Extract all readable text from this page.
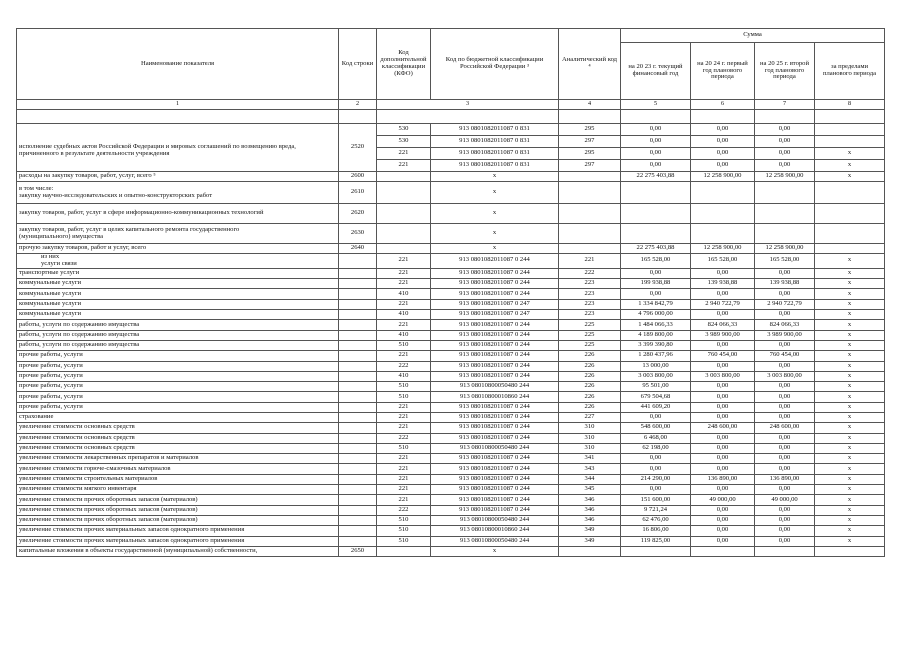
Наименование показателя	Код строки	Код дополнительной классификации (КФО)	Код по бюджетной классификации Российской Федерации ³	Аналитический код ⁴	Сумма			
					на 20 23 г. текущий финансовый год	на 20 24 г. первый год планового периода	на 20 25 г. второй год планового периода	за пределами планового периода
1	2	3		4	5	6	7	8

исполнение судебных актов Российской Федерации и мировых соглашений по возмещению вреда, причиненного в результате деятельности учреждения	2520	530	913 0801082011087 0 831	295	0,00	0,00	0,00	
		530	913 0801082011087 0 831	297	0,00	0,00	0,00	
		221	913 0801082011087 0 831	295	0,00	0,00	0,00	х
		221	913 0801082011087 0 831	297	0,00	0,00	0,00	х
расходы на закупку товаров, работ, услуг, всего ⁵	2600		х		22 275 403,88	12 258 900,00	12 258 900,00	х

в том числе:
закупку научно-исследовательских и опытно-конструкторских работ	2610		х					
закупку товаров, работ, услуг в сфере информационно-коммуникационных технологий	2620		х					

закупку товаров, работ, услуг в целях капитального ремонта государственного
(муниципального) имущества	2630		х					
прочую закупку товаров, работ и услуг, всего	2640		х		22 275 403,88	12 258 900,00	12 258 900,00	

из них
услуги связи		221	913 0801082011087 0 244	221	165 528,00	165 528,00	165 528,00	х
транспортные услуги		221	913 0801082011087 0 244	222	0,00	0,00	0,00	х
коммунальные услуги		221	913 0801082011087 0 244	223	199 938,88	139 938,88	139 938,88	х
коммунальные услуги		410	913 0801082011087 0 244	223	0,00	0,00	0,00	х
коммунальные услуги		221	913 0801082011087 0 247	223	1 334 842,79	2 940 722,79	2 940 722,79	х
коммунальные услуги		410	913 0801082011087 0 247	223	4 796 000,00	0,00	0,00	х
работы, услуги по содержанию имущества		221	913 0801082011087 0 244	225	1 484 066,33	824 066,33	824 066,33	х
работы, услуги по содержанию имущества		410	913 0801082011087 0 244	225	4 189 800,00	3 989 900,00	3 989 900,00	х
работы, услуги по содержанию имущества		510	913 0801082011087 0 244	225	3 399 390,80	0,00	0,00	х
прочие работы, услуги		221	913 0801082011087 0 244	226	1 280 437,96	760 454,00	760 454,00	х
прочие работы, услуги		222	913 0801082011087 0 244	226	13 000,00	0,00	0,00	х
прочие работы, услуги		410	913 0801082011087 0 244	226	3 003 800,00	3 003 800,00	3 003 800,00	х
прочие работы, услуги		510	913 08010800050480 244	226	95 501,00	0,00	0,00	х
прочие работы, услуги		510	913 08010800010860 244	226	679 504,68	0,00	0,00	х
прочие работы, услуги		221	913 0801082011087 0 244	226	441 609,20	0,00	0,00	х
страхование		221	913 0801082011087 0 244	227	0,00	0,00	0,00	х
увеличение стоимости основных средств		221	913 0801082011087 0 244	310	548 600,00	248 600,00	248 600,00	х
увеличение стоимости основных средств		222	913 0801082011087 0 244	310	6 468,00	0,00	0,00	х
увеличение стоимости основных средств		510	913 08010800050480 244	310	62 198,00	0,00	0,00	х
увеличение стоимости лекарственных препаратов и материалов		221	913 0801082011087 0 244	341	0,00	0,00	0,00	х
увеличение стоимости горюче-смазочных материалов		221	913 0801082011087 0 244	343	0,00	0,00	0,00	х
увеличение стоимости строительных материалов		221	913 0801082011087 0 244	344	214 290,00	136 890,00	136 890,00	х
увеличение стоимости мягкого инвентаря		221	913 0801082011087 0 244	345	0,00	0,00	0,00	х
увеличение стоимости прочих оборотных запасов (материалов)		221	913 0801082011087 0 244	346	151 600,00	49 000,00	49 000,00	х
увеличение стоимости прочих оборотных запасов (материалов)		222	913 0801082011087 0 244	346	9 721,24	0,00	0,00	х
увеличение стоимости прочих оборотных запасов (материалов)		510	913 08010800050480 244	346	62 476,00	0,00	0,00	х
увеличение стоимости прочих материальных запасов однократного применения		510	913 08010800010860 244	349	16 806,00	0,00	0,00	х
увеличение стоимости прочих материальных запасов однократного применения		510	913 08010800050480 244	349	119 825,00	0,00	0,00	х
капитальные вложения в объекты государственной (муниципальной) собственности,	2650		х					
